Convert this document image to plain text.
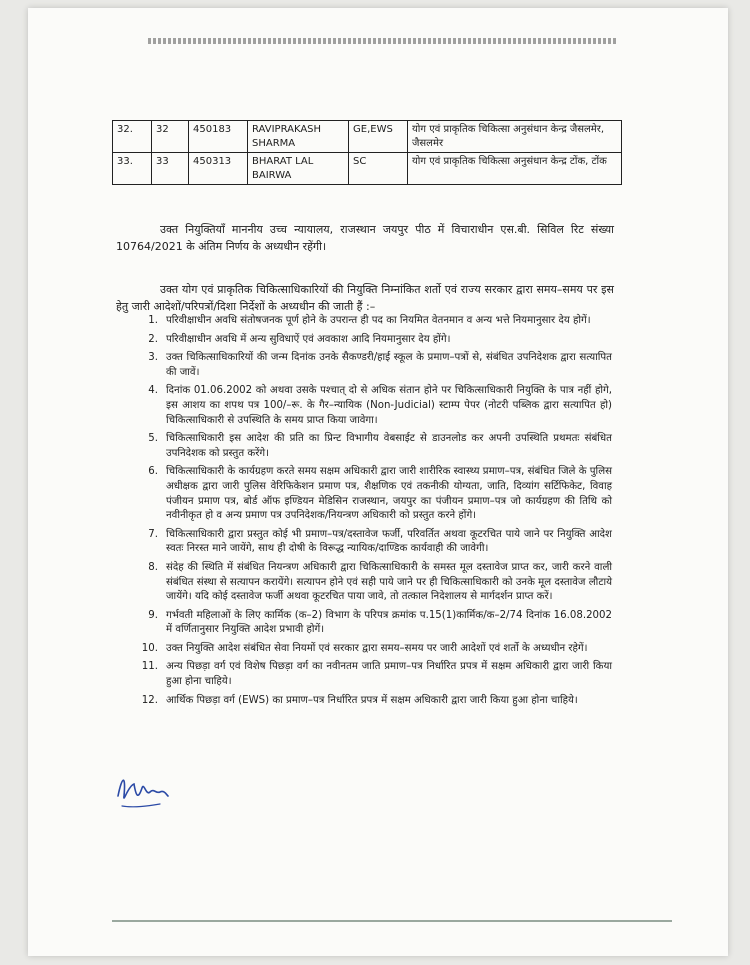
32.	32	450183	RAVIPRAKASH SHARMA	GE,EWS	योग एवं प्राकृतिक चिकित्सा अनुसंधान केन्द्र जैसलमेर, जैसलमेर
33.	33	450313	BHARAT LAL BAIRWA	SC	योग एवं प्राकृतिक चिकित्सा अनुसंधान केन्द्र टोंक, टोंक

उक्त नियुक्तियाँ माननीय उच्च न्यायालय, राजस्थान जयपुर पीठ में विचाराधीन एस.बी. सिविल रिट संख्या 10764/2021 के अंतिम निर्णय के अध्यधीन रहेंगी।

उक्त योग एवं प्राकृतिक चिकित्साधिकारियों की नियुक्ति निम्नांकित शर्तो एवं राज्य सरकार द्वारा समय–समय पर इस हेतु जारी आदेशों/परिपत्रों/दिशा निर्देशों के अध्यधीन की जाती हैं :–

1. परिवीक्षाधीन अवधि संतोषजनक पूर्ण होने के उपरान्त ही पद का नियमित वेतनमान व अन्य भत्ते नियमानुसार देय होगें।
2. परिवीक्षाधीन अवधि में अन्य सुविधाऐं एवं अवकाश आदि नियमानुसार देय होंगे।
3. उक्त चिकित्साधिकारियों की जन्म दिनांक उनके सैकण्डरी/हाई स्कूल के प्रमाण–पत्रों से, संबंधित उपनिदेशक द्वारा सत्यापित की जावें।
4. दिनांक 01.06.2002 को अथवा उसके पश्चात् दो से अधिक संतान होने पर चिकित्साधिकारी नियुक्ति के पात्र नहीं होगे, इस आशय का शपथ पत्र 100/–रू. के गैर–न्यायिक (Non-Judicial) स्टाम्प पेपर (नोटरी पब्लिक द्वारा सत्यापित हो) चिकित्साधिकारी से उपस्थिति के समय प्राप्त किया जावेगा।
5. चिकित्साधिकारी इस आदेश की प्रति का प्रिन्ट विभागीय वेबसाईट से डाउनलोड कर अपनी उपस्थिति प्रथमतः संबंधित उपनिदेशक को प्रस्तुत करेंगे।
6. चिकित्साधिकारी के कार्यग्रहण करते समय सक्षम अधिकारी द्वारा जारी शारीरिक स्वास्थ्य प्रमाण–पत्र, संबंधित जिले के पुलिस अधीक्षक द्वारा जारी पुलिस वेरिफिकेशन प्रमाण पत्र, शैक्षणिक एवं तकनीकी योग्यता, जाति, दिव्यांग सर्टिफिकेट, विवाह पंजीयन प्रमाण पत्र, बोर्ड ऑफ इण्डियन मेडिसिन राजस्थान, जयपुर का पंजीयन प्रमाण–पत्र जो कार्यग्रहण की तिथि को नवीनीकृत हो व अन्य प्रमाण पत्र उपनिदेशक/नियन्त्रण अधिकारी को प्रस्तुत करने होंगे।
7. चिकित्साधिकारी द्वारा प्रस्तुत कोई भी प्रमाण–पत्र/दस्तावेज फर्जी, परिवर्तित अथवा कूटरचित पाये जाने पर नियुक्ति आदेश स्वतः निरस्त माने जायेंगे, साथ ही दोषी के विरूद्ध न्यायिक/दाण्डिक कार्यवाही की जावेगी।
8. संदेह की स्थिति में संबंधित नियन्त्रण अधिकारी द्वारा चिकित्साधिकारी के समस्त मूल दस्तावेज प्राप्त कर, जारी करने वाली संबंधित संस्था से सत्यापन करायेंगे। सत्यापन होने एवं सही पाये जाने पर ही चिकित्साधिकारी को उनके मूल दस्तावेज लौटाये जायेंगे। यदि कोई दस्तावेज फर्जी अथवा कूटरचित पाया जावे, तो तत्काल निदेशालय से मार्गदर्शन प्राप्त करें।
9. गर्भवती महिलाओं के लिए कार्मिक (क–2) विभाग के परिपत्र क्रमांक प.15(1)कार्मिक/क–2/74 दिनांक 16.08.2002 में वर्णितानुसार नियुक्ति आदेश प्रभावी होगें।
10. उक्त नियुक्ति आदेश संबंधित सेवा नियमों एवं सरकार द्वारा समय–समय पर जारी आदेशों एवं शर्तो के अध्यधीन रहेगें।
11. अन्य पिछड़ा वर्ग एवं विशेष पिछड़ा वर्ग का नवीनतम जाति प्रमाण–पत्र निर्धारित प्रपत्र में सक्षम अधिकारी द्वारा जारी किया हुआ होना चाहिये।
12. आर्थिक पिछड़ा वर्ग (EWS) का प्रमाण–पत्र निर्धारित प्रपत्र में सक्षम अधिकारी द्वारा जारी किया हुआ होना चाहिये।
